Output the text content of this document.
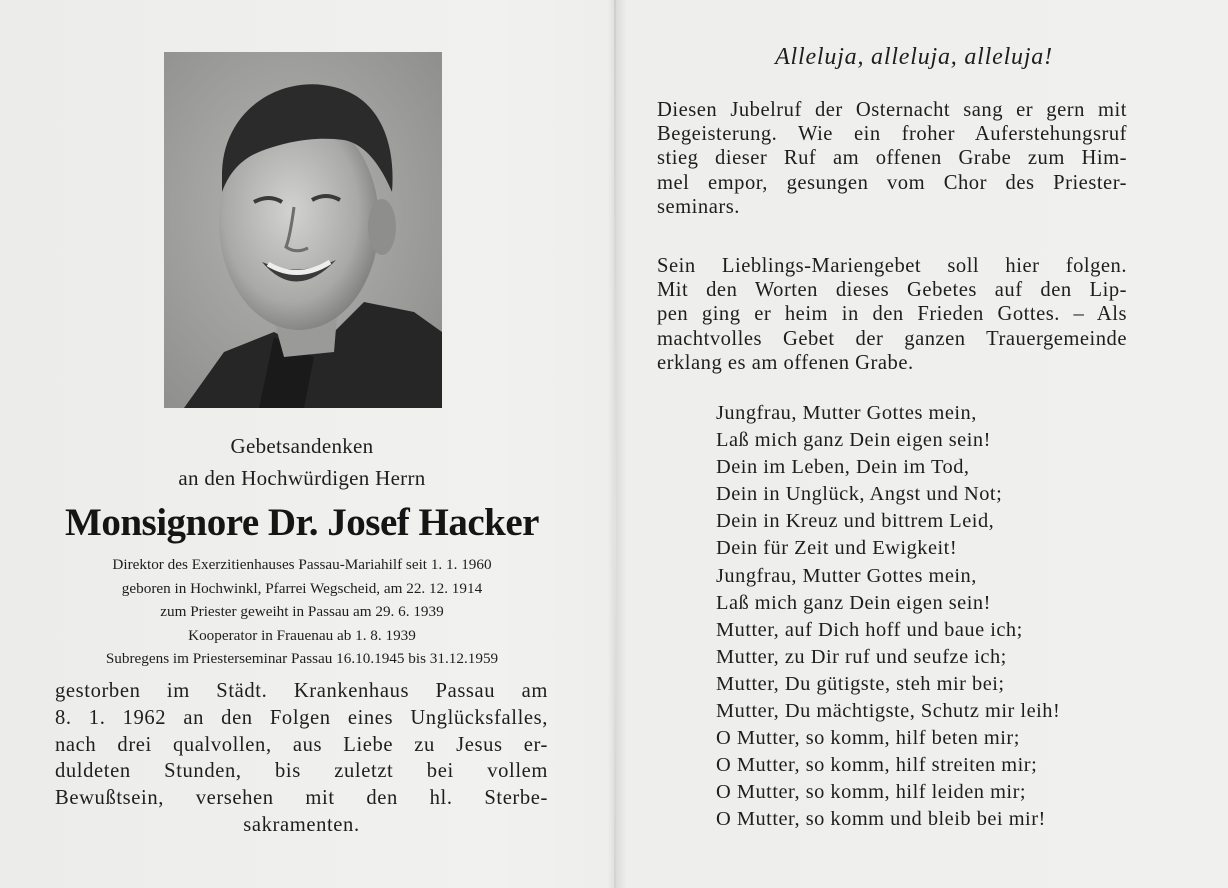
Gebetsandenken
an den Hochwürdigen Herrn
Monsignore Dr. Josef Hacker
Direktor des Exerzitienhauses Passau-Mariahilf seit 1. 1. 1960
geboren in Hochwinkl, Pfarrei Wegscheid, am 22. 12. 1914
zum Priester geweiht in Passau am 29. 6. 1939
Kooperator in Frauenau ab 1. 8. 1939
Subregens im Priesterseminar Passau 16.10.1945 bis 31.12.1959
gestorben im Städt. Krankenhaus Passau am
8. 1. 1962 an den Folgen eines Unglücksfalles,
nach drei qualvollen, aus Liebe zu Jesus er-
duldeten Stunden, bis zuletzt bei vollem
Bewußtsein, versehen mit den hl. Sterbe-
sakramenten.
Alleluja, alleluja, alleluja!
Diesen Jubelruf der Osternacht sang er gern mit
Begeisterung. Wie ein froher Auferstehungsruf
stieg dieser Ruf am offenen Grabe zum Him-
mel empor, gesungen vom Chor des Priester-
seminars.
Sein Lieblings-Mariengebet soll hier folgen.
Mit den Worten dieses Gebetes auf den Lip-
pen ging er heim in den Frieden Gottes. – Als
machtvolles Gebet der ganzen Trauergemeinde
erklang es am offenen Grabe.
Jungfrau, Mutter Gottes mein,
Laß mich ganz Dein eigen sein!
Dein im Leben, Dein im Tod,
Dein in Unglück, Angst und Not;
Dein in Kreuz und bittrem Leid,
Dein für Zeit und Ewigkeit!
Jungfrau, Mutter Gottes mein,
Laß mich ganz Dein eigen sein!
Mutter, auf Dich hoff und baue ich;
Mutter, zu Dir ruf und seufze ich;
Mutter, Du gütigste, steh mir bei;
Mutter, Du mächtigste, Schutz mir leih!
O Mutter, so komm, hilf beten mir;
O Mutter, so komm, hilf streiten mir;
O Mutter, so komm, hilf leiden mir;
O Mutter, so komm und bleib bei mir!
